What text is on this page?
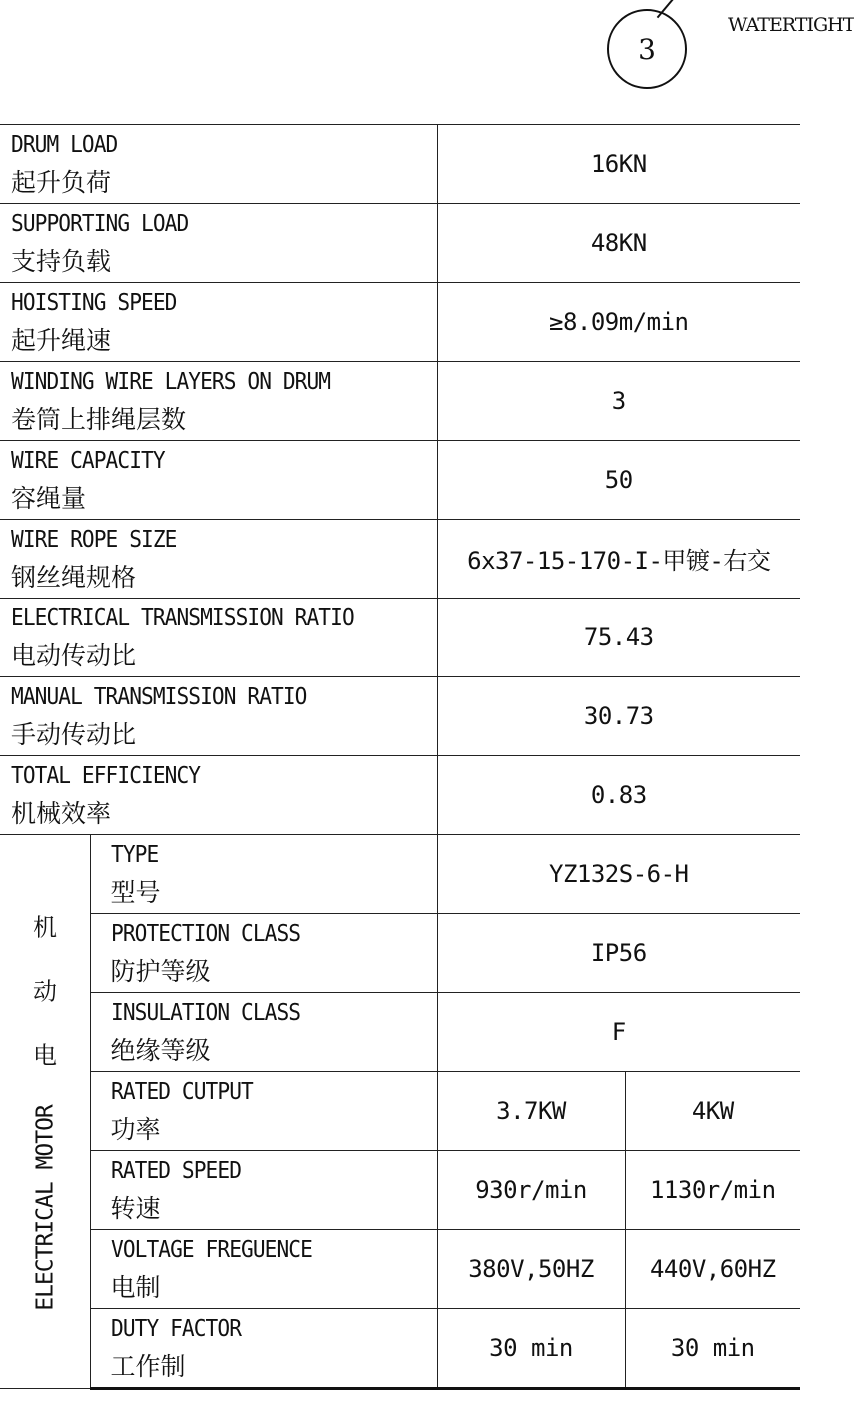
3
WATERTIGHT
DRUM LOAD
起升负荷		16KN	

SUPPORTING LOAD
支持负载		48KN	

HOISTING SPEED
起升绳速		≥8.09m/min	

WINDING WIRE LAYERS ON DRUM
卷筒上排绳层数		3	

WIRE CAPACITY
容绳量		50	

WIRE ROPE SIZE
钢丝绳规格		6x37-15-170-I-甲镀-右交	

ELECTRICAL TRANSMISSION RATIO
电动传动比		75.43	

MANUAL TRANSMISSION RATIO
手动传动比		30.73	

TOTAL EFFICIENCY
机械效率		0.83	

ELECTRICAL MOTOR
电
动
机	TYPE
型号	YZ132S-6-H	

	PROTECTION CLASS
防护等级	IP56	

	INSULATION CLASS
绝缘等级	F	

	RATED CUTPUT
功率	3.7KW	4KW

	RATED SPEED
转速	930r/min	1130r/min

	VOLTAGE FREGUENCE
电制	380V,50HZ	440V,60HZ

	DUTY FACTOR
工作制	30 min	30 min
